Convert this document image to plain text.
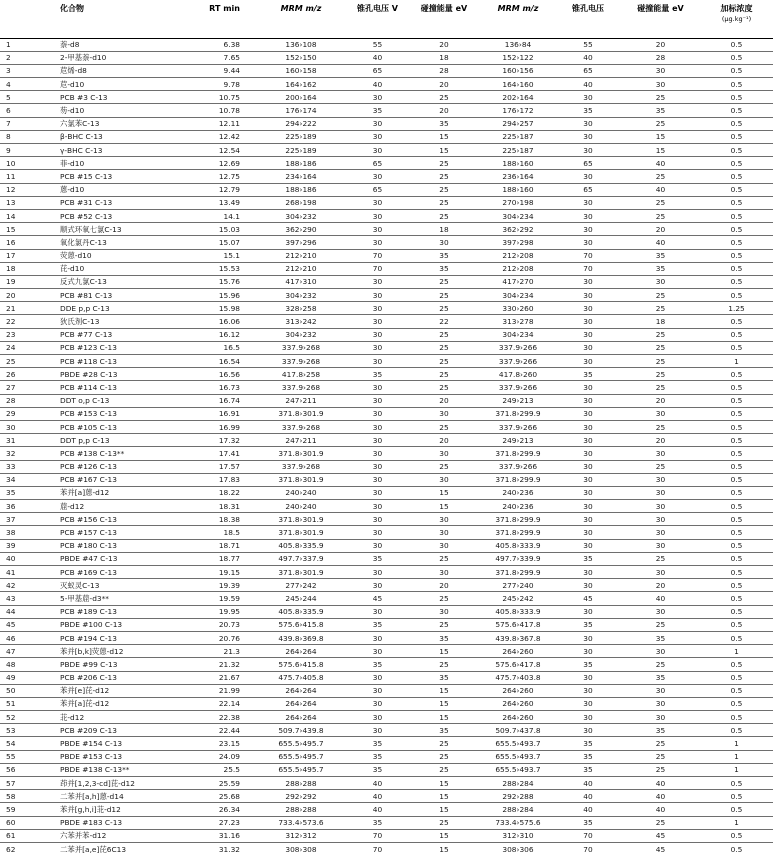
	化合物	RT min	MRM m/z	锥孔电压 V	碰撞能量 eV	MRM m/z	锥孔电压	碰撞能量 eV	加标浓度
(μg.kg⁻¹)

1	萘-d8	6.38	136›108	55	20	136›84	55	20	0.5
2	2-甲基萘-d10	7.65	152›150	40	18	152›122	40	28	0.5
3	苊烯-d8	9.44	160›158	65	28	160›156	65	30	0.5
4	苊-d10	9.78	164›162	40	20	164›160	40	30	0.5
5	PCB #3 C-13	10.75	200›164	30	25	202›164	30	25	0.5
6	芴-d10	10.78	176›174	35	20	176›172	35	35	0.5
7	六氯苯C-13	12.11	294›222	30	35	294›257	30	25	0.5
8	β-BHC C-13	12.42	225›189	30	15	225›187	30	15	0.5
9	γ-BHC C-13	12.54	225›189	30	15	225›187	30	15	0.5
10	菲-d10	12.69	188›186	65	25	188›160	65	40	0.5
11	PCB #15 C-13	12.75	234›164	30	25	236›164	30	25	0.5
12	蒽-d10	12.79	188›186	65	25	188›160	65	40	0.5
13	PCB #31 C-13	13.49	268›198	30	25	270›198	30	25	0.5
14	PCB #52 C-13	14.1	304›232	30	25	304›234	30	25	0.5
15	顺式环氧七氯C-13	15.03	362›290	30	18	362›292	30	20	0.5
16	氧化氯丹C-13	15.07	397›296	30	30	397›298	30	40	0.5
17	荧蒽-d10	15.1	212›210	70	35	212›208	70	35	0.5
18	芘-d10	15.53	212›210	70	35	212›208	70	35	0.5
19	反式九氯C-13	15.76	417›310	30	25	417›270	30	30	0.5
20	PCB #81 C-13	15.96	304›232	30	25	304›234	30	25	0.5
21	DDE p,p C-13	15.98	328›258	30	25	330›260	30	25	1.25
22	狄氏剂C-13	16.06	313›242	30	22	313›278	30	18	0.5
23	PCB #77 C-13	16.12	304›232	30	25	304›234	30	25	0.5
24	PCB #123 C-13	16.5	337.9›268	30	25	337.9›266	30	25	0.5
25	PCB #118 C-13	16.54	337.9›268	30	25	337.9›266	30	25	1
26	PBDE #28 C-13	16.56	417.8›258	35	25	417.8›260	35	25	0.5
27	PCB #114 C-13	16.73	337.9›268	30	25	337.9›266	30	25	0.5
28	DDT o,p C-13	16.74	247›211	30	20	249›213	30	20	0.5
29	PCB #153 C-13	16.91	371.8›301.9	30	30	371.8›299.9	30	30	0.5
30	PCB #105 C-13	16.99	337.9›268	30	25	337.9›266	30	25	0.5
31	DDT p,p C-13	17.32	247›211	30	20	249›213	30	20	0.5
32	PCB #138 C-13**	17.41	371.8›301.9	30	30	371.8›299.9	30	30	0.5
33	PCB #126 C-13	17.57	337.9›268	30	25	337.9›266	30	25	0.5
34	PCB #167 C-13	17.83	371.8›301.9	30	30	371.8›299.9	30	30	0.5
35	苯并[a]蒽-d12	18.22	240›240	30	15	240›236	30	30	0.5
36	䓛-d12	18.31	240›240	30	15	240›236	30	30	0.5
37	PCB #156 C-13	18.38	371.8›301.9	30	30	371.8›299.9	30	30	0.5
38	PCB #157 C-13	18.5	371.8›301.9	30	30	371.8›299.9	30	30	0.5
39	PCB #180 C-13	18.71	405.8›335.9	30	30	405.8›333.9	30	30	0.5
40	PBDE #47 C-13	18.77	497.7›337.9	35	25	497.7›339.9	35	25	0.5
41	PCB #169 C-13	19.15	371.8›301.9	30	30	371.8›299.9	30	30	0.5
42	灭蚁灵C-13	19.39	277›242	30	20	277›240	30	20	0.5
43	5-甲基䓛-d3**	19.59	245›244	45	25	245›242	45	40	0.5
44	PCB #189 C-13	19.95	405.8›335.9	30	30	405.8›333.9	30	30	0.5
45	PBDE #100 C-13	20.73	575.6›415.8	35	25	575.6›417.8	35	25	0.5
46	PCB #194 C-13	20.76	439.8›369.8	30	35	439.8›367.8	30	35	0.5
47	苯并[b,k]荧蒽-d12	21.3	264›264	30	15	264›260	30	30	1
48	PBDE #99 C-13	21.32	575.6›415.8	35	25	575.6›417.8	35	25	0.5
49	PCB #206 C-13	21.67	475.7›405.8	30	35	475.7›403.8	30	35	0.5
50	苯并[e]芘-d12	21.99	264›264	30	15	264›260	30	30	0.5
51	苯并[a]芘-d12	22.14	264›264	30	15	264›260	30	30	0.5
52	苝-d12	22.38	264›264	30	15	264›260	30	30	0.5
53	PCB #209 C-13	22.44	509.7›439.8	30	35	509.7›437.8	30	35	0.5
54	PBDE #154 C-13	23.15	655.5›495.7	35	25	655.5›493.7	35	25	1
55	PBDE #153 C-13	24.09	655.5›495.7	35	25	655.5›493.7	35	25	1
56	PBDE #138 C-13**	25.5	655.5›495.7	35	25	655.5›493.7	35	25	1
57	茚并[1,2,3-cd]芘-d12	25.59	288›288	40	15	288›284	40	40	0.5
58	二苯并[a,h]蒽-d14	25.68	292›292	40	15	292›288	40	40	0.5
59	苯并[g,h,i]苝-d12	26.34	288›288	40	15	288›284	40	40	0.5
60	PBDE #183 C-13	27.23	733.4›573.6	35	25	733.4›575.6	35	25	1
61	六苯并苯-d12	31.16	312›312	70	15	312›310	70	45	0.5
62	二苯并[a,e]芘6C13	31.32	308›308	70	15	308›306	70	45	0.5
